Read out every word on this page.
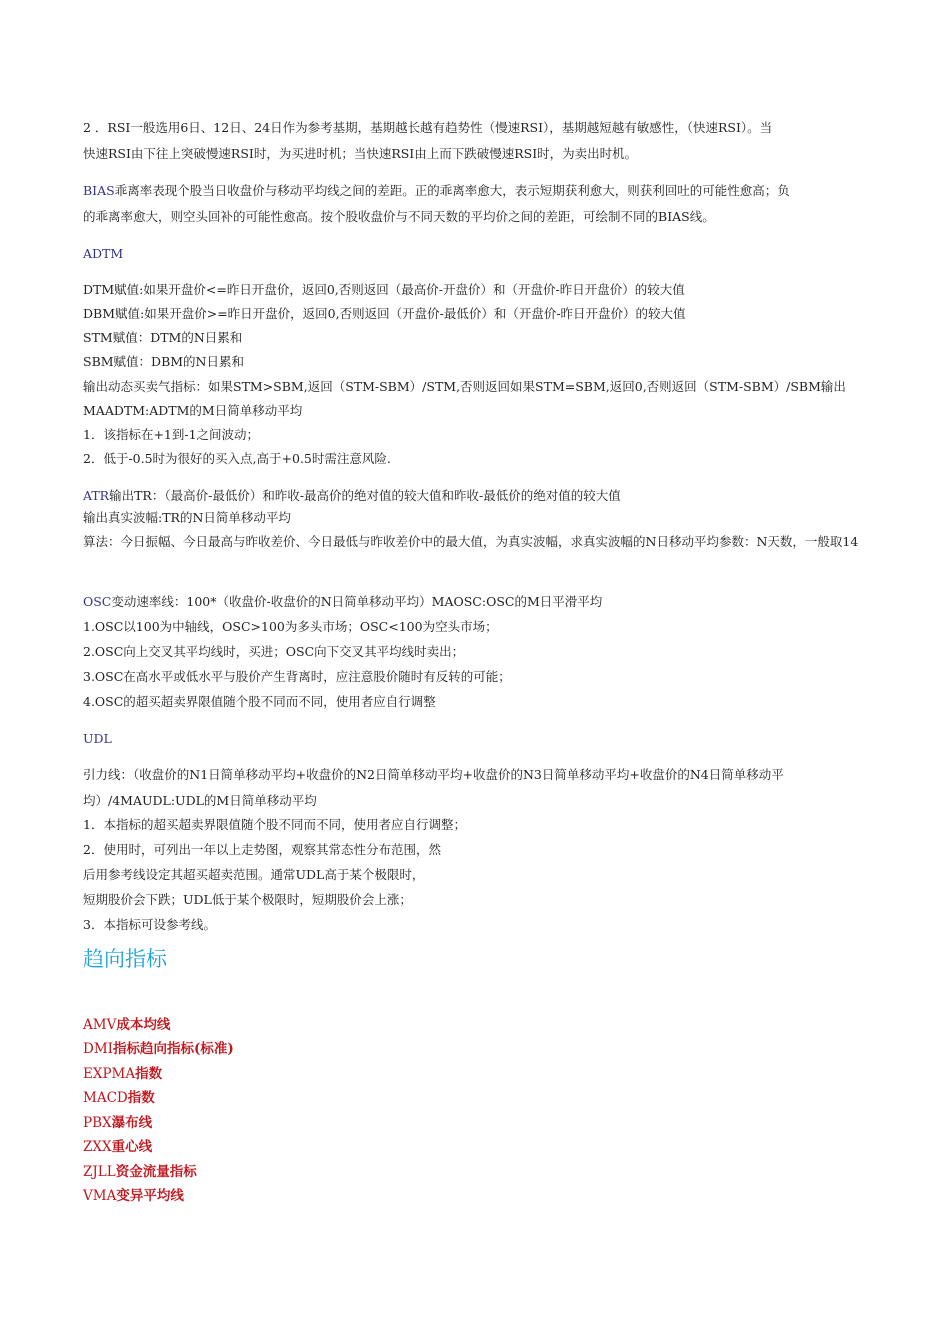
2 ．RSI一般选用6日、12日、24日作为参考基期，基期越长越有趋势性（慢速RSI），基期越短越有敏感性，（快速RSI）。当
快速RSI由下往上突破慢速RSI时，为买进时机；当快速RSI由上而下跌破慢速RSI时，为卖出时机。
BIAS乖离率表现个股当日收盘价与移动平均线之间的差距。正的乖离率愈大，表示短期获利愈大，则获利回吐的可能性愈高；负
的乖离率愈大，则空头回补的可能性愈高。按个股收盘价与不同天数的平均价之间的差距，可绘制不同的BIAS线。
ADTM
DTM赋值:如果开盘价<=昨日开盘价，返回0,否则返回（最高价-开盘价）和（开盘价-昨日开盘价）的较大值
DBM赋值:如果开盘价>=昨日开盘价，返回0,否则返回（开盘价-最低价）和（开盘价-昨日开盘价）的较大值
STM赋值：DTM的N日累和
SBM赋值：DBM的N日累和
输出动态买卖气指标：如果STM>SBM,返回（STM-SBM）/STM,否则返回如果STM=SBM,返回0,否则返回（STM-SBM）/SBM输出
MAADTM:ADTM的M日简单移动平均
1．该指标在+1到-1之间波动；
2．低于-0.5时为很好的买入点,高于+0.5时需注意风险.
ATR输出TR：（最高价-最低价）和昨收-最高价的绝对值的较大值和昨收-最低价的绝对值的较大值
输出真实波幅:TR的N日简单移动平均
算法：今日振幅、今日最高与昨收差价、今日最低与昨收差价中的最大值，为真实波幅，求真实波幅的N日移动平均参数：N天数，一般取14
OSC变动速率线：100*（收盘价-收盘价的N日简单移动平均）MAOSC:OSC的M日平滑平均
1.OSC以100为中轴线，OSC>100为多头市场；OSC<100为空头市场；
2.OSC向上交叉其平均线时，买进；OSC向下交叉其平均线时卖出；
3.OSC在高水平或低水平与股价产生背离时，应注意股价随时有反转的可能；
4.OSC的超买超卖界限值随个股不同而不同，使用者应自行调整
UDL
引力线：（收盘价的N1日简单移动平均+收盘价的N2日简单移动平均+收盘价的N3日简单移动平均+收盘价的N4日简单移动平均）/4MAUDL:UDL的M日简单移动平均
1．本指标的超买超卖界限值随个股不同而不同，使用者应自行调整；
2．使用时，可列出一年以上走势图，观察其常态性分布范围，然
后用参考线设定其超买超卖范围。通常UDL高于某个极限时，
短期股价会下跌；UDL低于某个极限时，短期股价会上涨；
3．本指标可设参考线。
趋向指标
AMV成本均线
DMI指标趋向指标(标准)
EXPMA指数
MACD指数
PBX瀑布线
ZXX重心线
ZJLL资金流量指标
VMA变异平均线
